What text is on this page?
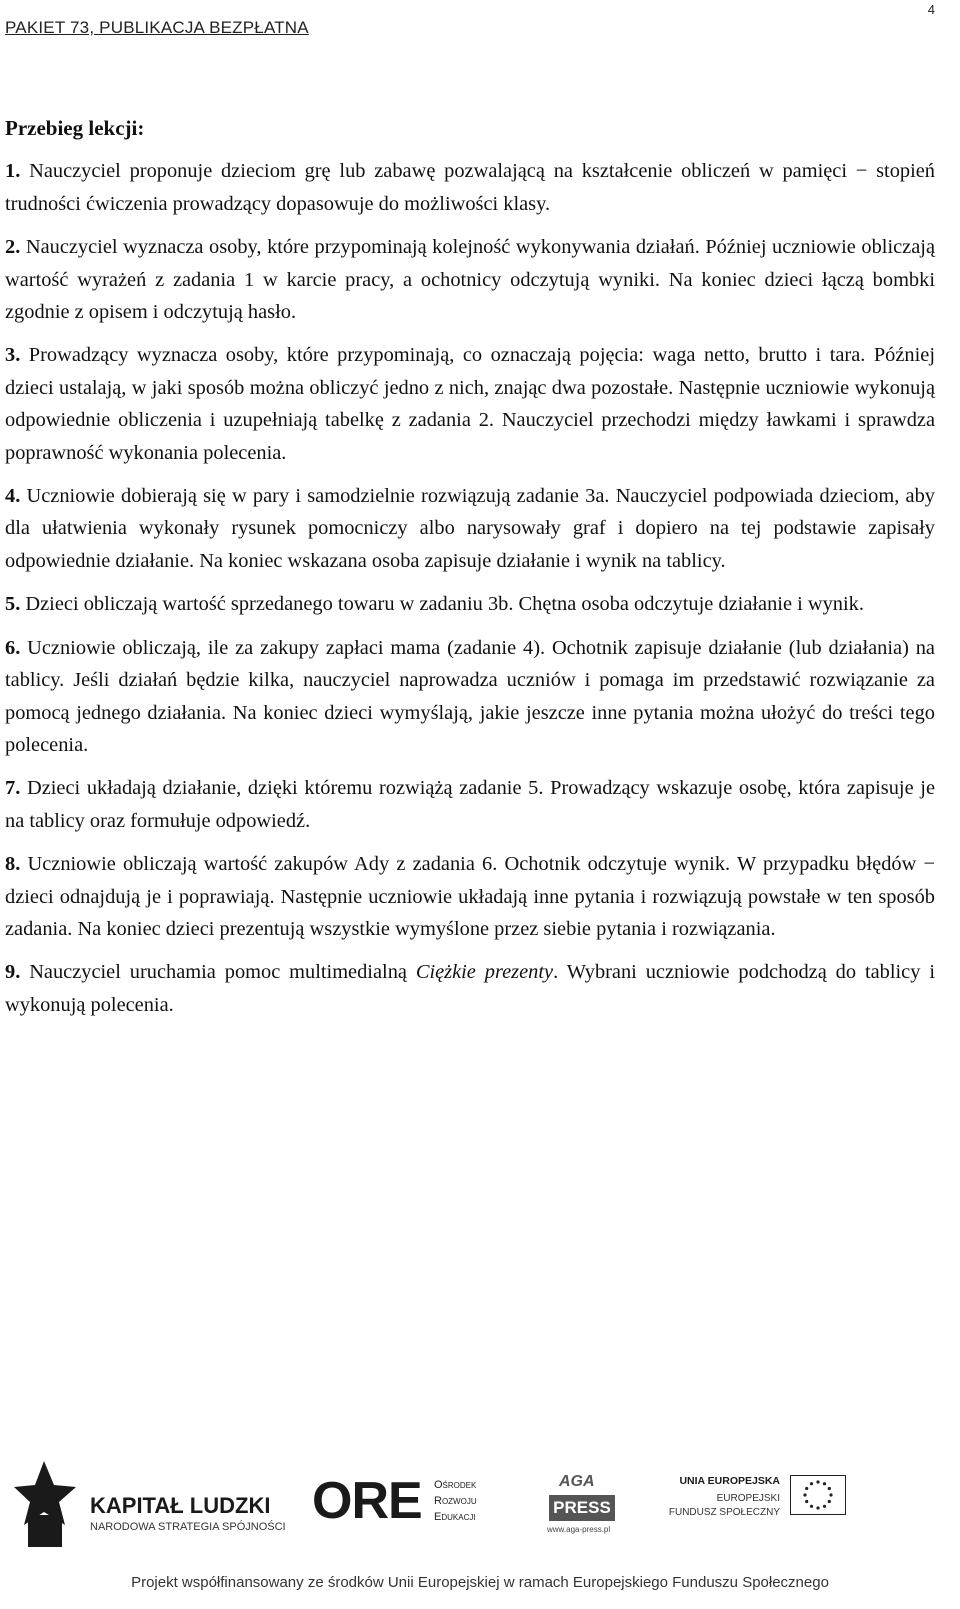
PAKIET 73, PUBLIKACJA BEZPŁATNA
4
Przebieg lekcji:

1. Nauczyciel proponuje dzieciom grę lub zabawę pozwalającą na kształcenie obliczeń w pamięci − stopień trudności ćwiczenia prowadzący dopasowuje do możliwości klasy.

2. Nauczyciel wyznacza osoby, które przypominają kolejność wykonywania działań. Później uczniowie obliczają wartość wyrażeń z zadania 1 w karcie pracy, a ochotnicy odczytują wyniki. Na koniec dzieci łączą bombki zgodnie z opisem i odczytują hasło.

3. Prowadzący wyznacza osoby, które przypominają, co oznaczają pojęcia: waga netto, brutto i tara. Później dzieci ustalają, w jaki sposób można obliczyć jedno z nich, znając dwa pozostałe. Następnie uczniowie wykonują odpowiednie obliczenia i uzupełniają tabelkę z zadania 2. Nauczyciel przechodzi między ławkami i sprawdza poprawność wykonania polecenia.

4. Uczniowie dobierają się w pary i samodzielnie rozwiązują zadanie 3a. Nauczyciel podpowiada dzieciom, aby dla ułatwienia wykonały rysunek pomocniczy albo narysowały graf i dopiero na tej podstawie zapisały odpowiednie działanie. Na koniec wskazana osoba zapisuje działanie i wynik na tablicy.

5. Dzieci obliczają wartość sprzedanego towaru w zadaniu 3b. Chętna osoba odczytuje działanie i wynik.

6. Uczniowie obliczają, ile za zakupy zapłaci mama (zadanie 4). Ochotnik zapisuje działanie (lub działania) na tablicy. Jeśli działań będzie kilka, nauczyciel naprowadza uczniów i pomaga im przedstawić rozwiązanie za pomocą jednego działania. Na koniec dzieci wymyślają, jakie jeszcze inne pytania można ułożyć do treści tego polecenia.

7. Dzieci układają działanie, dzięki któremu rozwiążą zadanie 5. Prowadzący wskazuje osobę, która zapisuje je na tablicy oraz formułuje odpowiedź.

8. Uczniowie obliczają wartość zakupów Ady z zadania 6. Ochotnik odczytuje wynik. W przypadku błędów − dzieci odnajdują je i poprawiają. Następnie uczniowie układają inne pytania i rozwiązują powstałe w ten sposób zadania. Na koniec dzieci prezentują wszystkie wymyślone przez siebie pytania i rozwiązania.

9. Nauczyciel uruchamia pomoc multimedialną Ciężkie prezenty. Wybrani uczniowie podchodzą do tablicy i wykonują polecenia.

KAPITAŁ LUDZKI
NARODOWA STRATEGIA SPÓJNOŚCI ORE Ośrodek
Rozwoju
Edukacji
AGA
PRESS
www.aga-press.pl
UNIA EUROPEJSKA
EUROPEJSKI
FUNDUSZ SPOŁECZNY
Projekt współfinansowany ze środków Unii Europejskiej w ramach Europejskiego Funduszu Społecznego
